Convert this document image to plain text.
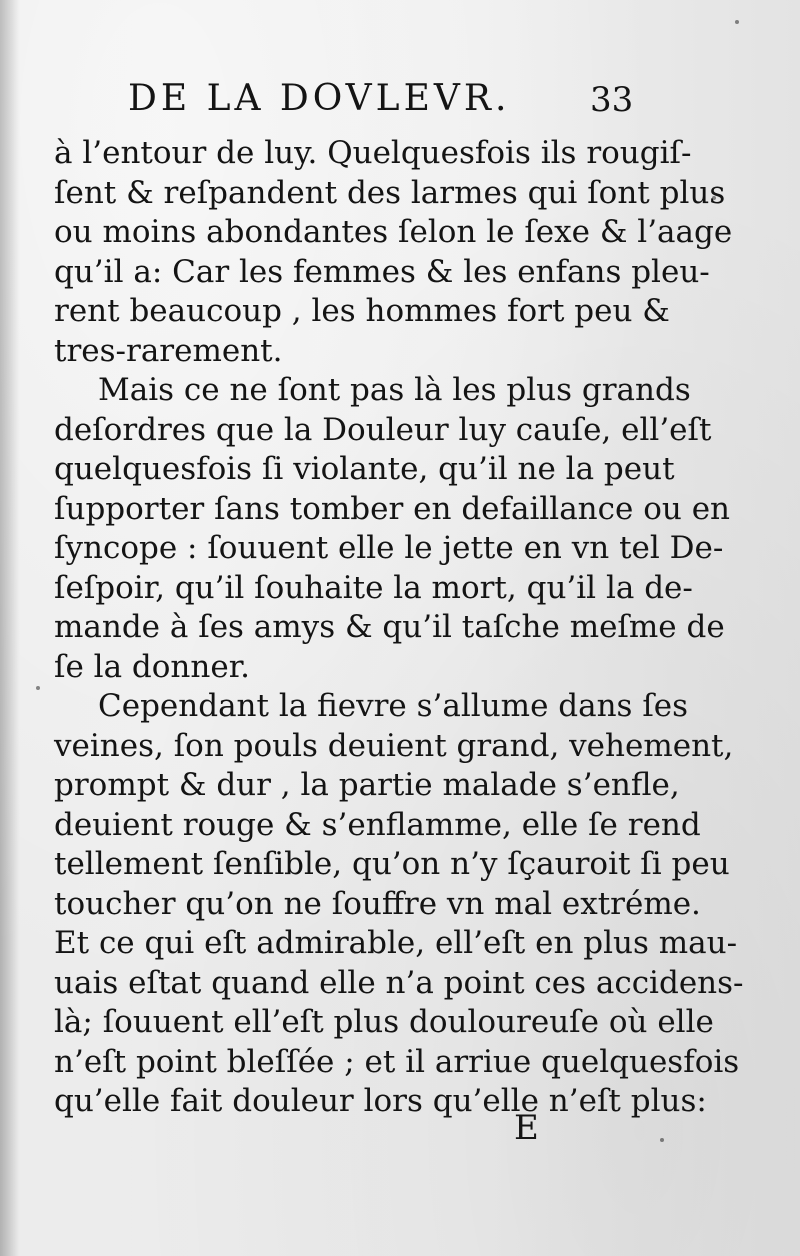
DE LA DOVLEVR. 33
à l’entour de luy. Quelquesfois ils rougiſ-
ſent & reſpandent des larmes qui ſont plus
ou moins abondantes ſelon le ſexe & l’aage
qu’il a: Car les femmes & les enfans pleu-
rent beaucoup , les hommes fort peu &
tres-rarement.
Mais ce ne ſont pas là les plus grands
deſordres que la Douleur luy cauſe, ell’eſt
quelquesfois ſi violante, qu’il ne la peut
ſupporter ſans tomber en defaillance ou en
ſyncope : ſouuent elle le jette en vn tel De-
ſeſpoir, qu’il ſouhaite la mort, qu’il la de-
mande à ſes amys & qu’il taſche meſme de
ſe la donner.
Cependant la fievre s’allume dans ſes
veines, ſon pouls deuient grand, vehement,
prompt & dur , la partie malade s’enfle,
deuient rouge & s’enflamme, elle ſe rend
tellement ſenſible, qu’on n’y ſçauroit ſi peu
toucher qu’on ne ſouffre vn mal extréme.
Et ce qui eſt admirable, ell’eſt en plus mau-
uais eſtat quand elle n’a point ces accidens-
là; ſouuent ell’eſt plus douloureuſe où elle
n’eſt point bleſſée ; et il arriue quelquesfois
qu’elle fait douleur lors qu’elle n’eſt plus:
E
